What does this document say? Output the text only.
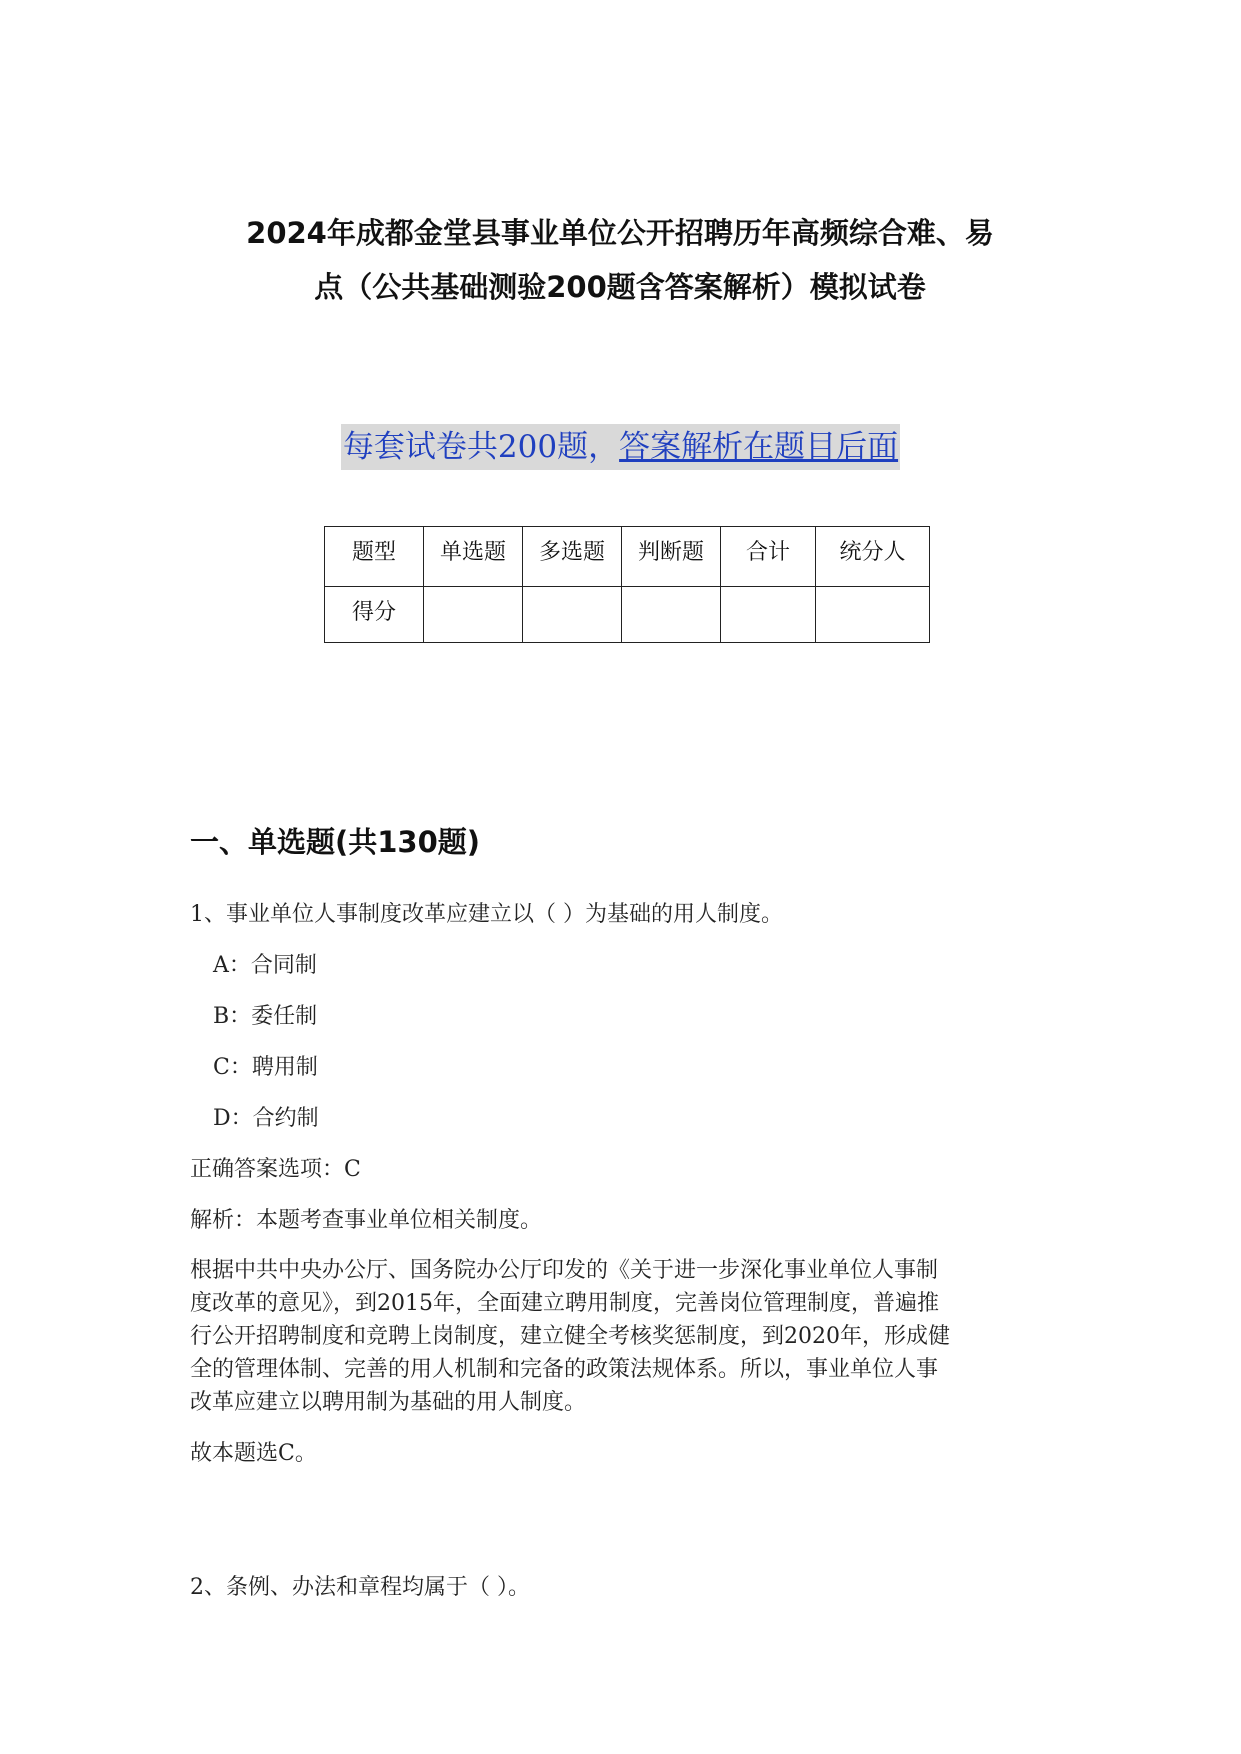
2024年成都金堂县事业单位公开招聘历年高频综合难、易
点（公共基础测验200题含答案解析）模拟试卷
每套试卷共200题，答案解析在题目后面
题型	单选题	多选题	判断题	合计	统分人
得分					
一、单选题(共130题)
1、事业单位人事制度改革应建立以（ ）为基础的用人制度。
A：合同制
B：委任制
C：聘用制
D：合约制
正确答案选项：C
解析：本题考查事业单位相关制度。
根据中共中央办公厅、国务院办公厅印发的《关于进一步深化事业单位人事制
度改革的意见》，到2015年，全面建立聘用制度，完善岗位管理制度，普遍推
行公开招聘制度和竞聘上岗制度，建立健全考核奖惩制度，到2020年，形成健
全的管理体制、完善的用人机制和完备的政策法规体系。所以，事业单位人事
改革应建立以聘用制为基础的用人制度。
故本题选C。
2、条例、办法和章程均属于（ ）。
